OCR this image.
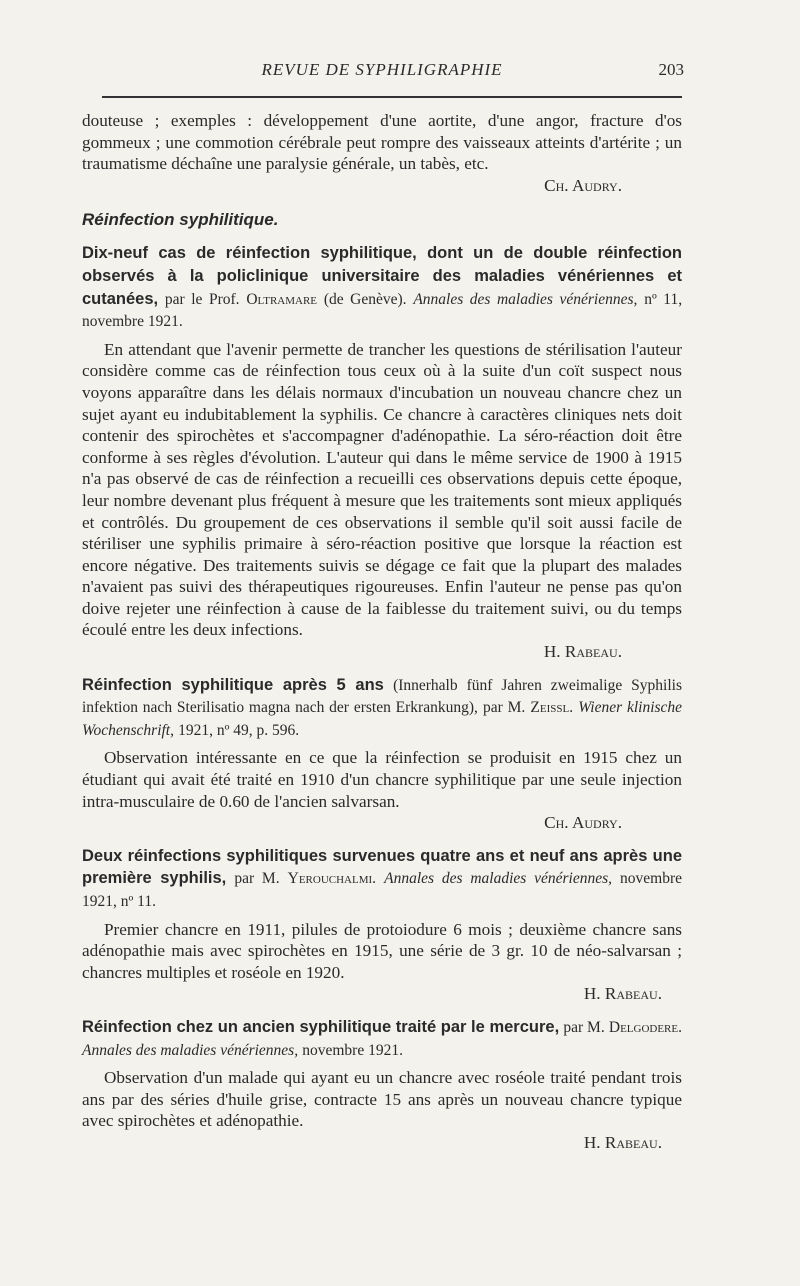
REVUE DE SYPHILIGRAPHIE	203

douteuse ; exemples : développement d'une aortite, d'une angor, fracture d'os gommeux ; une commotion cérébrale peut rompre des vaisseaux atteints d'artérite ; un traumatisme déchaîne une paralysie générale, un tabès, etc.

Ch. Audry.

Réinfection syphilitique.

Dix-neuf cas de réinfection syphilitique, dont un de double réinfection observés à la policlinique universitaire des maladies vénériennes et cutanées, par le Prof. Oltramare (de Genève). Annales des maladies vénériennes, nº 11, novembre 1921.

En attendant que l'avenir permette de trancher les questions de stérilisation l'auteur considère comme cas de réinfection tous ceux où à la suite d'un coït suspect nous voyons apparaître dans les délais normaux d'incubation un nouveau chancre chez un sujet ayant eu indubitablement la syphilis. Ce chancre à caractères cliniques nets doit contenir des spirochètes et s'accompagner d'adénopathie. La séro-réaction doit être conforme à ses règles d'évolution. L'auteur qui dans le même service de 1900 à 1915 n'a pas observé de cas de réinfection a recueilli ces observations depuis cette époque, leur nombre devenant plus fréquent à mesure que les traitements sont mieux appliqués et contrôlés. Du groupement de ces observations il semble qu'il soit aussi facile de stériliser une syphilis primaire à séro-réaction positive que lorsque la réaction est encore négative. Des traitements suivis se dégage ce fait que la plupart des malades n'avaient pas suivi des thérapeutiques rigoureuses. Enfin l'auteur ne pense pas qu'on doive rejeter une réinfection à cause de la faiblesse du traitement suivi, ou du temps écoulé entre les deux infections.

H. Rabeau.

Réinfection syphilitique après 5 ans (Innerhalb fünf Jahren zweimalige Syphilis infektion nach Sterilisatio magna nach der ersten Erkrankung), par M. Zeissl. Wiener klinische Wochenschrift, 1921, nº 49, p. 596.

Observation intéressante en ce que la réinfection se produisit en 1915 chez un étudiant qui avait été traité en 1910 d'un chancre syphilitique par une seule injection intra-musculaire de 0.60 de l'ancien salvarsan.

Ch. Audry.

Deux réinfections syphilitiques survenues quatre ans et neuf ans après une première syphilis, par M. Yerouchalmi. Annales des maladies vénériennes, novembre 1921, nº 11.

Premier chancre en 1911, pilules de protoiodure 6 mois ; deuxième chancre sans adénopathie mais avec spirochètes en 1915, une série de 3 gr. 10 de néo-salvarsan ; chancres multiples et roséole en 1920.

H. Rabeau.

Réinfection chez un ancien syphilitique traité par le mercure, par M. Delgodere. Annales des maladies vénériennes, novembre 1921.

Observation d'un malade qui ayant eu un chancre avec roséole traité pendant trois ans par des séries d'huile grise, contracte 15 ans après un nouveau chancre typique avec spirochètes et adénopathie.

H. Rabeau.
